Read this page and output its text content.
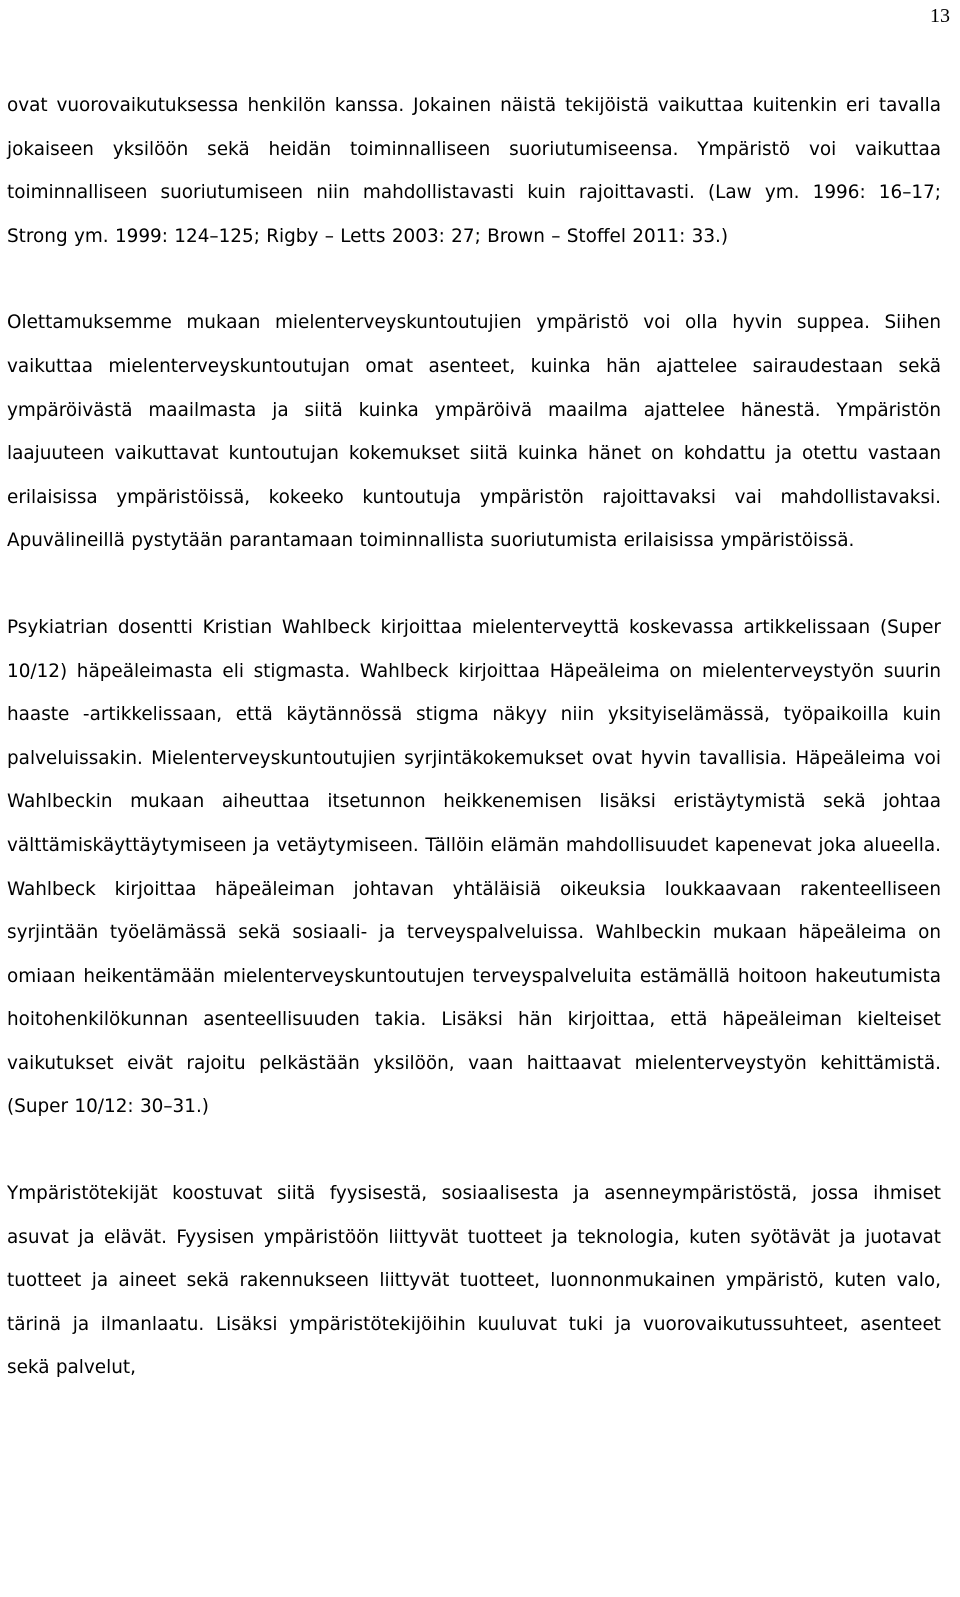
13

ovat vuorovaikutuksessa henkilön kanssa. Jokainen näistä tekijöistä vaikuttaa kuitenkin eri tavalla jokaiseen yksilöön sekä heidän toiminnalliseen suoriutumiseensa. Ympäristö voi vaikuttaa toiminnalliseen suoriutumiseen niin mahdollistavasti kuin rajoittavasti. (Law ym. 1996: 16–17; Strong ym. 1999: 124–125; Rigby – Letts 2003: 27; Brown – Stoffel 2011: 33.)

Olettamuksemme mukaan mielenterveyskuntoutujien ympäristö voi olla hyvin suppea. Siihen vaikuttaa mielenterveyskuntoutujan omat asenteet, kuinka hän ajattelee sairaudestaan sekä ympäröivästä maailmasta ja siitä kuinka ympäröivä maailma ajattelee hänestä. Ympäristön laajuuteen vaikuttavat kuntoutujan kokemukset siitä kuinka hänet on kohdattu ja otettu vastaan erilaisissa ympäristöissä, kokeeko kuntoutuja ympäristön rajoittavaksi vai mahdollistavaksi. Apuvälineillä pystytään parantamaan toiminnallista suoriutumista erilaisissa ympäristöissä.

Psykiatrian dosentti Kristian Wahlbeck kirjoittaa mielenterveyttä koskevassa artikkelissaan (Super 10/12) häpeäleimasta eli stigmasta. Wahlbeck kirjoittaa Häpeäleima on mielenterveystyön suurin haaste -artikkelissaan, että käytännössä stigma näkyy niin yksityiselämässä, työpaikoilla kuin palveluissakin. Mielenterveyskuntoutujien syrjintäkokemukset ovat hyvin tavallisia. Häpeäleima voi Wahlbeckin mukaan aiheuttaa itsetunnon heikkenemisen lisäksi eristäytymistä sekä johtaa välttämiskäyttäytymiseen ja vetäytymiseen. Tällöin elämän mahdollisuudet kapenevat joka alueella. Wahlbeck kirjoittaa häpeäleiman johtavan yhtäläisiä oikeuksia loukkaavaan rakenteelliseen syrjintään työelämässä sekä sosiaali- ja terveyspalveluissa. Wahlbeckin mukaan häpeäleima on omiaan heikentämään mielenterveyskuntoutujen terveyspalveluita estämällä hoitoon hakeutumista hoitohenkilökunnan asenteellisuuden takia. Lisäksi hän kirjoittaa, että häpeäleiman kielteiset vaikutukset eivät rajoitu pelkästään yksilöön, vaan haittaavat mielenterveystyön kehittämistä. (Super 10/12: 30–31.)

Ympäristötekijät koostuvat siitä fyysisestä, sosiaalisesta ja asenneympäristöstä, jossa ihmiset asuvat ja elävät. Fyysisen ympäristöön liittyvät tuotteet ja teknologia, kuten syötävät ja juotavat tuotteet ja aineet sekä rakennukseen liittyvät tuotteet, luonnonmukainen ympäristö, kuten valo, tärinä ja ilmanlaatu. Lisäksi ympäristötekijöihin kuuluvat tuki ja vuorovaikutussuhteet, asenteet sekä palvelut,
